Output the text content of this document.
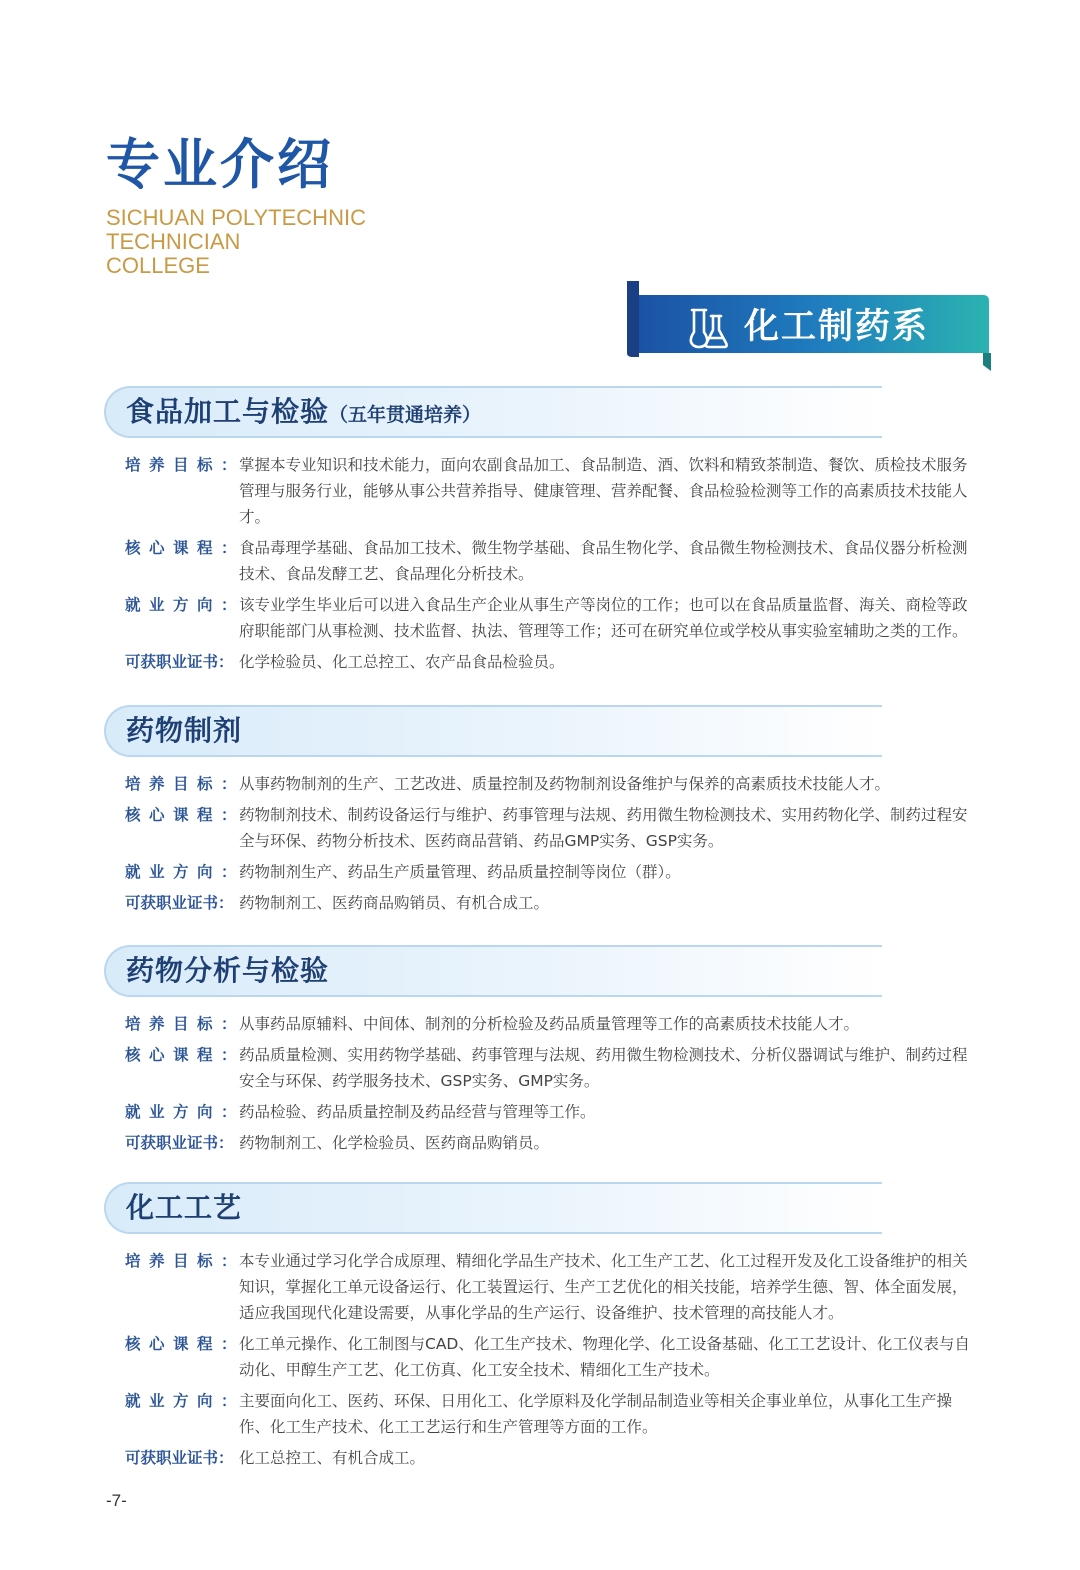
专业介绍
SICHUAN POLYTECHNIC
TECHNICIAN
COLLEGE
化工制药系
食品加工与检验（五年贯通培养）
培养目标：
掌握本专业知识和技术能力，面向农副食品加工、食品制造、酒、饮料和精致茶制造、餐饮、质检技术服务管理与服务行业，能够从事公共营养指导、健康管理、营养配餐、食品检验检测等工作的高素质技术技能人才。
核心课程：
食品毒理学基础、食品加工技术、微生物学基础、食品生物化学、食品微生物检测技术、食品仪器分析检测技术、食品发酵工艺、食品理化分析技术。
就业方向：
该专业学生毕业后可以进入食品生产企业从事生产等岗位的工作；也可以在食品质量监督、海关、商检等政府职能部门从事检测、技术监督、执法、管理等工作；还可在研究单位或学校从事实验室辅助之类的工作。
可获职业证书： 化学检验员、化工总控工、农产品食品检验员。
药物制剂
培养目标：
从事药物制剂的生产、工艺改进、质量控制及药物制剂设备维护与保养的高素质技术技能人才。
核心课程：
药物制剂技术、制药设备运行与维护、药事管理与法规、药用微生物检测技术、实用药物化学、制药过程安全与环保、药物分析技术、医药商品营销、药品GMP实务、GSP实务。
就业方向：
药物制剂生产、药品生产质量管理、药品质量控制等岗位（群）。
可获职业证书： 药物制剂工、医药商品购销员、有机合成工。
药物分析与检验
培养目标：
从事药品原辅料、中间体、制剂的分析检验及药品质量管理等工作的高素质技术技能人才。
核心课程：
药品质量检测、实用药物学基础、药事管理与法规、药用微生物检测技术、分析仪器调试与维护、制药过程安全与环保、药学服务技术、GSP实务、GMP实务。
就业方向：
药品检验、药品质量控制及药品经营与管理等工作。
可获职业证书： 药物制剂工、化学检验员、医药商品购销员。
化工工艺
培养目标：
本专业通过学习化学合成原理、精细化学品生产技术、化工生产工艺、化工过程开发及化工设备维护的相关知识，掌握化工单元设备运行、化工装置运行、生产工艺优化的相关技能，培养学生德、智、体全面发展，适应我国现代化建设需要，从事化学品的生产运行、设备维护、技术管理的高技能人才。
核心课程：
化工单元操作、化工制图与CAD、化工生产技术、物理化学、化工设备基础、化工工艺设计、化工仪表与自动化、甲醇生产工艺、化工仿真、化工安全技术、精细化工生产技术。
就业方向：
主要面向化工、医药、环保、日用化工、化学原料及化学制品制造业等相关企事业单位，从事化工生产操作、化工生产技术、化工工艺运行和生产管理等方面的工作。
可获职业证书： 化工总控工、有机合成工。
-7-
